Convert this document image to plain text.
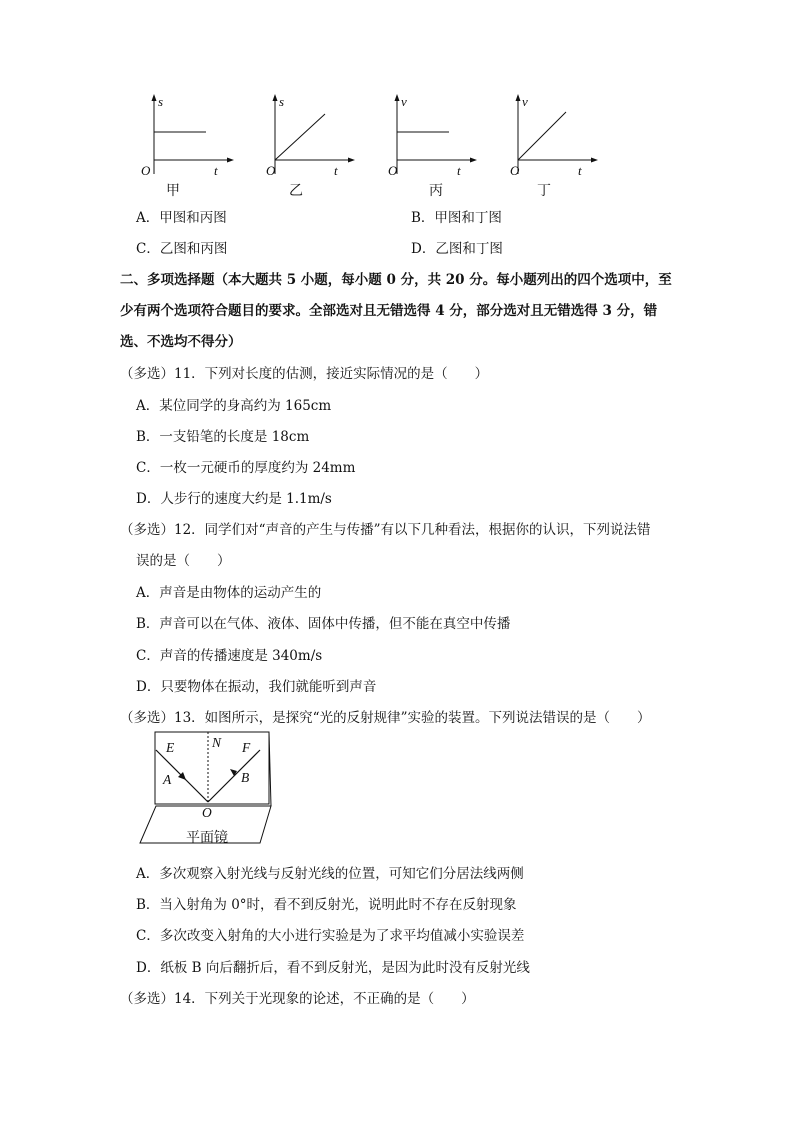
s
O	t
甲
s
O	t
乙
v
O	t
丙
v
O	t
丁
A．甲图和丙图	B．甲图和丁图
C．乙图和丙图	D．乙图和丁图
二、多项选择题（本大题共 5 小题，每小题 0 分，共 20 分。每小题列出的四个选项中，至
少有两个选项符合题目的要求。全部选对且无错选得 4 分，部分选对且无错选得 3 分，错
选、不选均不得分）
（多选）11．下列对长度的估测，接近实际情况的是（　　）
A．某位同学的身高约为 165cm
B．一支铅笔的长度是 18cm
C．一枚一元硬币的厚度约为 24mm
D．人步行的速度大约是 1.1m/s
（多选）12．同学们对“声音的产生与传播”有以下几种看法，根据你的认识，下列说法错
误的是（　　）
A．声音是由物体的运动产生的
B．声音可以在气体、液体、固体中传播，但不能在真空中传播
C．声音的传播速度是 340m/s
D．只要物体在振动，我们就能听到声音
（多选）13．如图所示，是探究“光的反射规律”实验的装置。下列说法错误的是（　　）
E	N F
A	B
O
平面镜
A．多次观察入射光线与反射光线的位置，可知它们分居法线两侧
B．当入射角为 0°时，看不到反射光，说明此时不存在反射现象
C．多次改变入射角的大小进行实验是为了求平均值减小实验误差
D．纸板 B 向后翻折后，看不到反射光，是因为此时没有反射光线
（多选）14．下列关于光现象的论述，不正确的是（　　）
